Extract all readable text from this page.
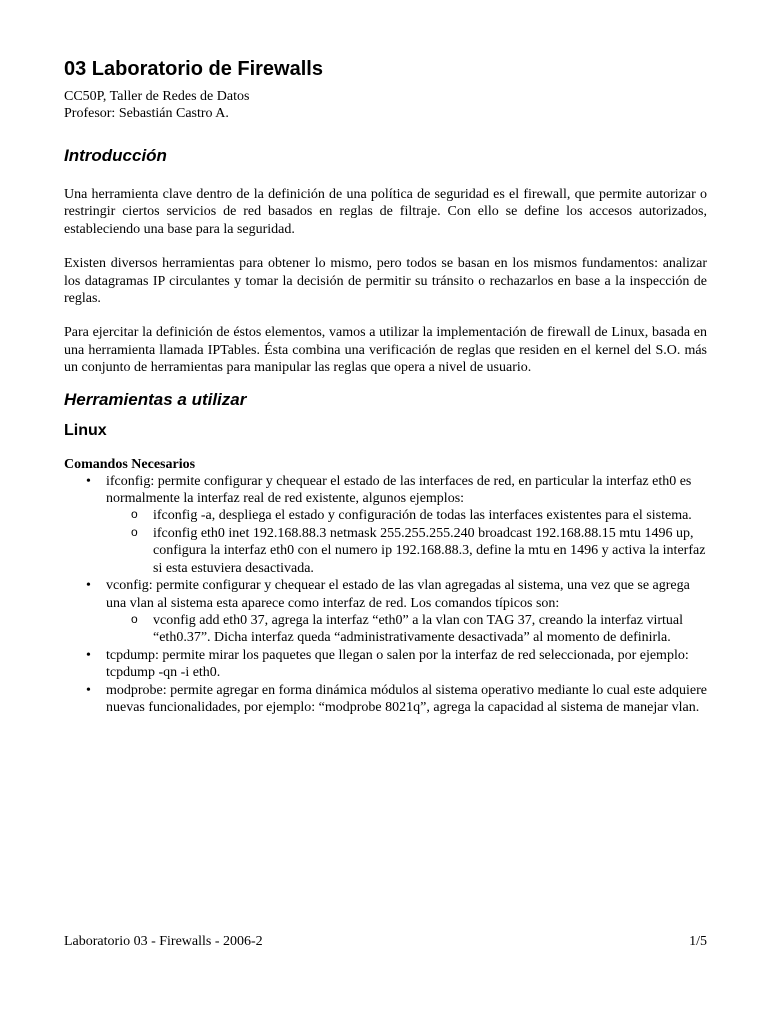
03 Laboratorio de Firewalls

CC50P, Taller de Redes de Datos

Profesor: Sebastián Castro A.

Introducción

Una herramienta clave dentro de la definición de una política de seguridad es el firewall, que permite autorizar o restringir ciertos servicios de red basados en reglas de filtraje. Con ello se define los accesos autorizados, estableciendo una base para la seguridad.

Existen diversos herramientas para obtener lo mismo, pero todos se basan en los mismos fundamentos: analizar los datagramas IP circulantes y tomar la decisión de permitir su tránsito o rechazarlos en base a la inspección de reglas.

Para ejercitar la definición de éstos elementos, vamos a utilizar la implementación de firewall de Linux, basada en una herramienta llamada IPTables. Ésta combina una verificación de reglas que residen en el kernel del S.O. más un conjunto de herramientas para manipular las reglas que opera a nivel de usuario.

Herramientas a utilizar
Linux

Comandos Necesarios

• ifconfig: permite configurar y chequear el estado de las interfaces de red, en particular la interfaz eth0 es normalmente la interfaz real de red existente, algunos ejemplos:
o ifconfig -a, despliega el estado y configuración de todas las interfaces existentes para el sistema.
o ifconfig eth0 inet 192.168.88.3 netmask 255.255.255.240 broadcast 192.168.88.15 mtu 1496 up, configura la interfaz eth0 con el numero ip 192.168.88.3, define la mtu en 1496 y activa la interfaz si esta estuviera desactivada.
• vconfig: permite configurar y chequear el estado de las vlan agregadas al sistema, una vez que se agrega una vlan al sistema esta aparece como interfaz de red. Los comandos típicos son:
o vconfig add eth0 37, agrega la interfaz “eth0” a la vlan con TAG 37, creando la interfaz virtual “eth0.37”. Dicha interfaz queda “administrativamente desactivada” al momento de definirla.
• tcpdump: permite mirar los paquetes que llegan o salen por la interfaz de red seleccionada, por ejemplo: tcpdump -qn -i eth0.
• modprobe: permite agregar en forma dinámica módulos al sistema operativo mediante lo cual este adquiere nuevas funcionalidades, por ejemplo: “modprobe 8021q”, agrega la capacidad al sistema de manejar vlan.
Laboratorio 03 - Firewalls - 2006-2	1/5
